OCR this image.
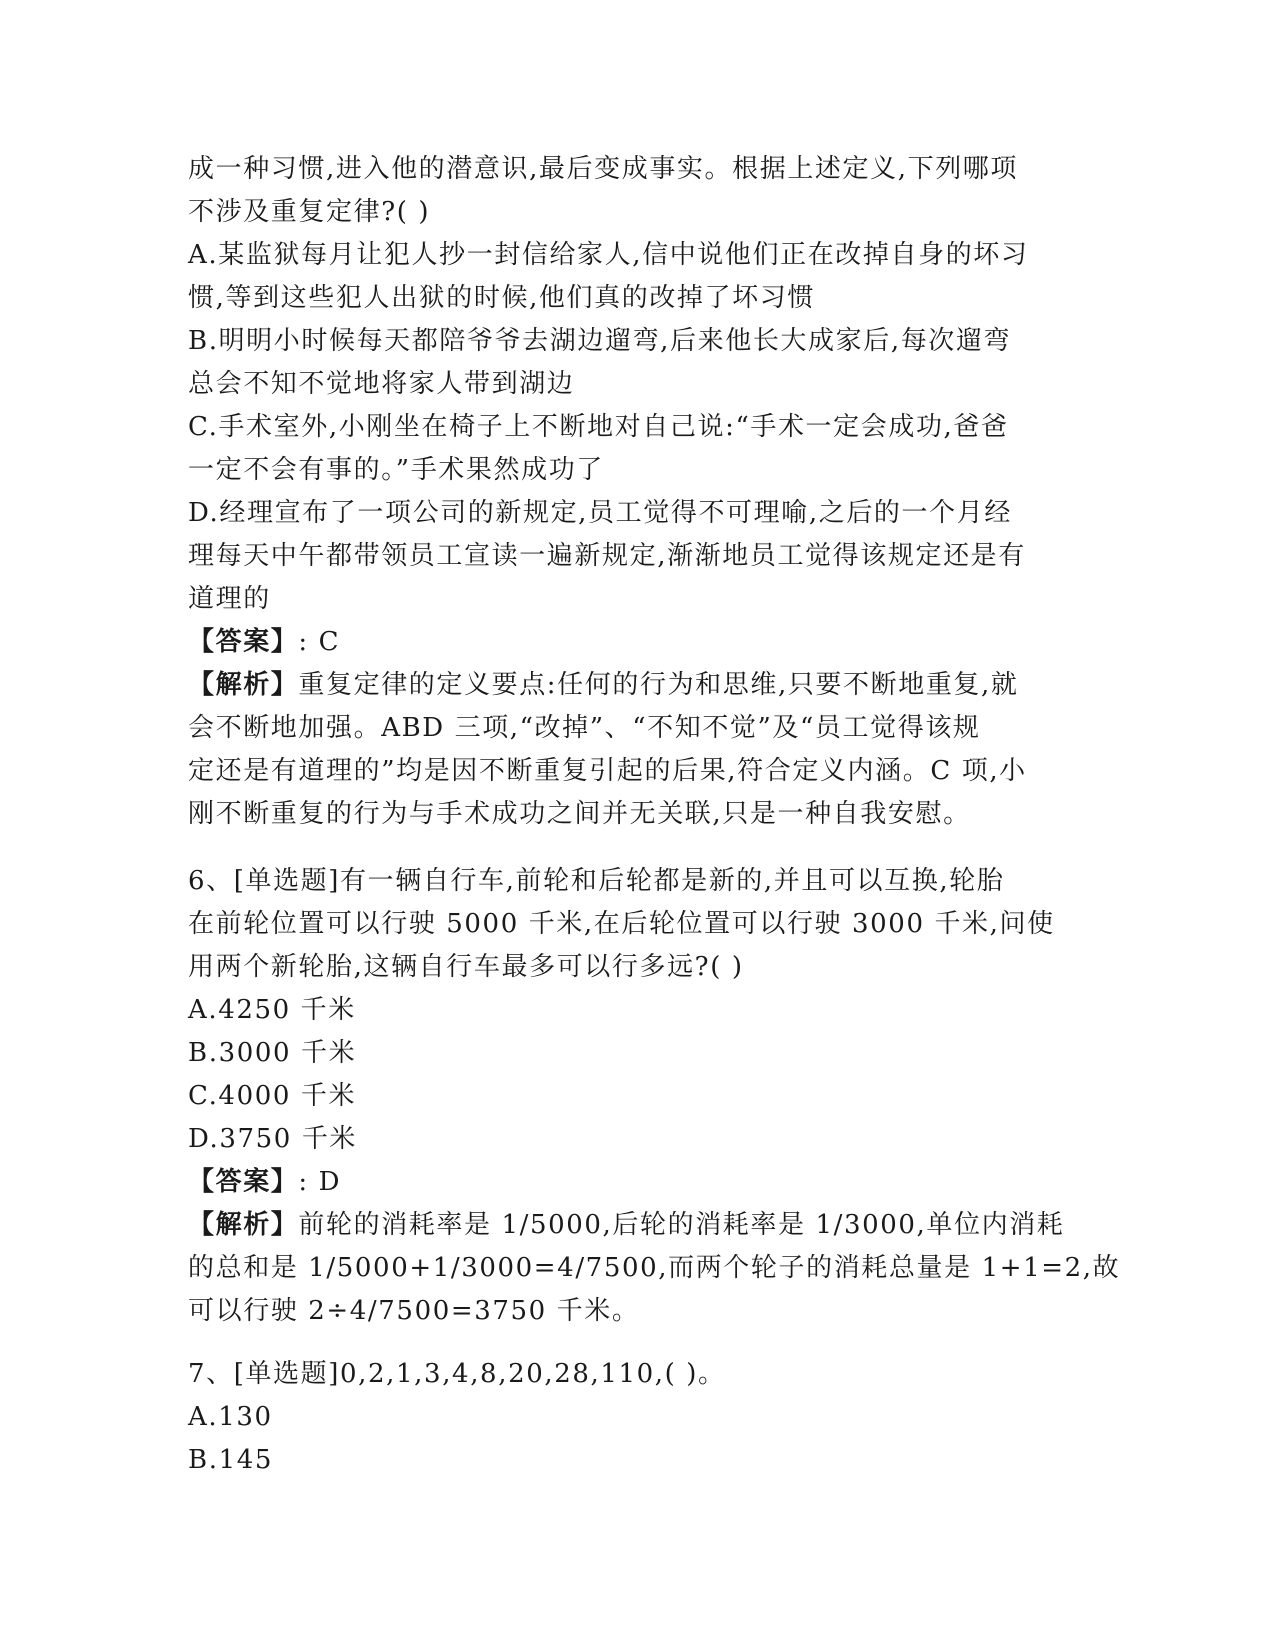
成一种习惯,进入他的潜意识,最后变成事实。根据上述定义,下列哪项
不涉及重复定律?( )
A.某监狱每月让犯人抄一封信给家人,信中说他们正在改掉自身的坏习
惯,等到这些犯人出狱的时候,他们真的改掉了坏习惯
B.明明小时候每天都陪爷爷去湖边遛弯,后来他长大成家后,每次遛弯
总会不知不觉地将家人带到湖边
C.手术室外,小刚坐在椅子上不断地对自己说:“手术一定会成功,爸爸
一定不会有事的。”手术果然成功了
D.经理宣布了一项公司的新规定,员工觉得不可理喻,之后的一个月经
理每天中午都带领员工宣读一遍新规定,渐渐地员工觉得该规定还是有
道理的
【答案】: C
【解析】重复定律的定义要点:任何的行为和思维,只要不断地重复,就
会不断地加强。ABD 三项,“改掉”、“不知不觉”及“员工觉得该规
定还是有道理的”均是因不断重复引起的后果,符合定义内涵。C 项,小
刚不断重复的行为与手术成功之间并无关联,只是一种自我安慰。
6、[单选题]有一辆自行车,前轮和后轮都是新的,并且可以互换,轮胎
在前轮位置可以行驶 5000 千米,在后轮位置可以行驶 3000 千米,问使
用两个新轮胎,这辆自行车最多可以行多远?( )
A.4250 千米
B.3000 千米
C.4000 千米
D.3750 千米
【答案】: D
【解析】前轮的消耗率是 1/5000,后轮的消耗率是 1/3000,单位内消耗
的总和是 1/5000+1/3000=4/7500,而两个轮子的消耗总量是 1+1=2,故
可以行驶 2÷4/7500=3750 千米。
7、[单选题]0,2,1,3,4,8,20,28,110,( )。
A.130
B.145
